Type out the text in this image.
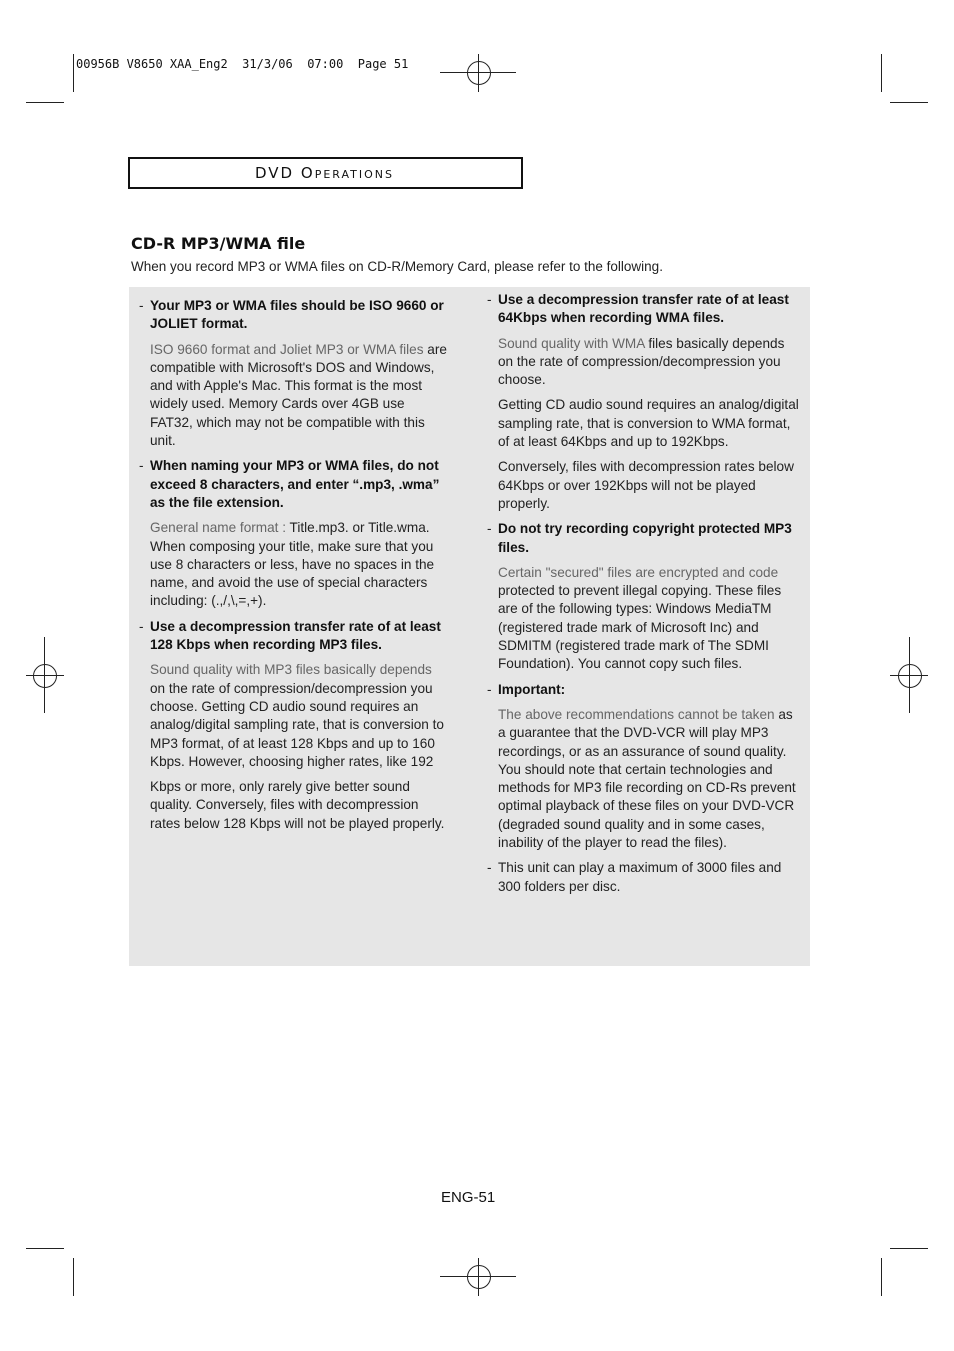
00956B V8650 XAA_Eng2  31/3/06  07:00  Page 51
DVD OPERATIONS
CD-R MP3/WMA file
When you record MP3 or WMA files on CD-R/Memory Card, please refer to the following.
- Your MP3 or WMA files should be ISO 9660 or JOLIET format.
ISO 9660 format and Joliet MP3 or WMA files are compatible with Microsoft's DOS and Windows, and with Apple's Mac. This format is the most widely used. Memory Cards over 4GB use FAT32, which may not be compatible with this unit.
- When naming your MP3 or WMA files, do not exceed 8 characters, and enter “.mp3, .wma” as the file extension.
General name format : Title.mp3. or Title.wma. When composing your title, make sure that you use 8 characters or less, have no spaces in the name, and avoid the use of special characters including: (.,/,\,=,+).
- Use a decompression transfer rate of at least 128 Kbps when recording MP3 files.
Sound quality with MP3 files basically depends on the rate of compression/decompression you choose. Getting CD audio sound requires an analog/digital sampling rate, that is conversion to MP3 format, of at least 128 Kbps and up to 160 Kbps. However, choosing higher rates, like 192
Kbps or more, only rarely give better sound quality. Conversely, files with decompression rates below 128 Kbps will not be played properly.
- Use a decompression transfer rate of at least 64Kbps when recording WMA files.
Sound quality with WMA files basically depends on the rate of compression/decompression you choose.
Getting CD audio sound requires an analog/digital sampling rate, that is conversion to WMA format, of at least 64Kbps and up to 192Kbps.
Conversely, files with decompression rates below 64Kbps or over 192Kbps will not be played properly.
- Do not try recording copyright protected MP3 files.
Certain "secured" files are encrypted and code protected to prevent illegal copying. These files are of the following types: Windows MediaTM (registered trade mark of Microsoft Inc) and SDMITM (registered trade mark of The SDMI Foundation). You cannot copy such files.
- Important:
The above recommendations cannot be taken as a guarantee that the DVD-VCR will play MP3 recordings, or as an assurance of sound quality. You should note that certain technologies and methods for MP3 file recording on CD-Rs prevent optimal playback of these files on your DVD-VCR (degraded sound quality and in some cases, inability of the player to read the files).
- This unit can play a maximum of 3000 files and 300 folders per disc.
ENG-51
